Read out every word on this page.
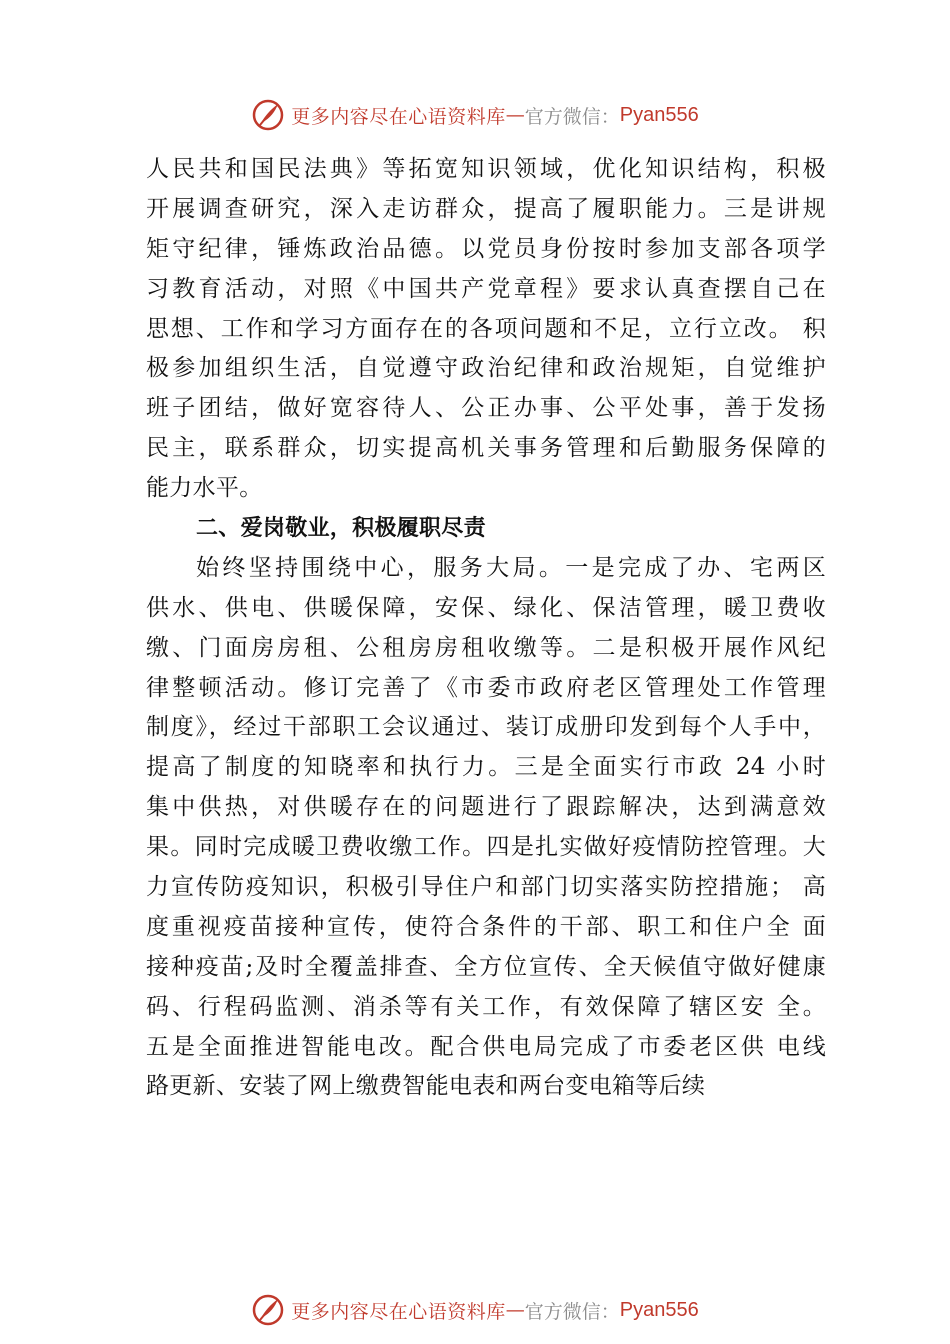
更多内容尽在心语资料库 — 官方微信： Pyan556
人民共和国民法典》等拓宽知识领域，优化知识结构，积极
开展调查研究，深入走访群众，提高了履职能力。三是讲规
矩守纪律，锤炼政治品德。以党员身份按时参加支部各项学
习教育活动，对照《中国共产党章程》要求认真查摆自己在
思想、工作和学习方面存在的各项问题和不足，立行立改。 积
极参加组织生活，自觉遵守政治纪律和政治规矩，自觉维护
班子团结，做好宽容待人、公正办事、公平处事，善于发扬
民主，联系群众，切实提高机关事务管理和后勤服务保障的
能力水平。
二、爱岗敬业，积极履职尽责
始终坚持围绕中心，服务大局。一是完成了办、宅两区
供水、供电、供暖保障，安保、绿化、保洁管理，暖卫费收
缴、门面房房租、公租房房租收缴等。二是积极开展作风纪
律整顿活动。修订完善了《市委市政府老区管理处工作管理
制度》，经过干部职工会议通过、装订成册印发到每个人手中，
提高了制度的知晓率和执行力。三是全面实行市政 24 小时
集中供热，对供暖存在的问题进行了跟踪解决，达到满意效
果。同时完成暖卫费收缴工作。四是扎实做好疫情防控管理。大
力宣传防疫知识，积极引导住户和部门切实落实防控措施； 高
度重视疫苗接种宣传，使符合条件的干部、职工和住户全 面
接种疫苗;及时全覆盖排查、全方位宣传、全天候值守做好健康
码、行程码监测、消杀等有关工作，有效保障了辖区安 全。
五是全面推进智能电改。配合供电局完成了市委老区供 电线
路更新、安装了网上缴费智能电表和两台变电箱等后续
更多内容尽在心语资料库 — 官方微信： Pyan556
